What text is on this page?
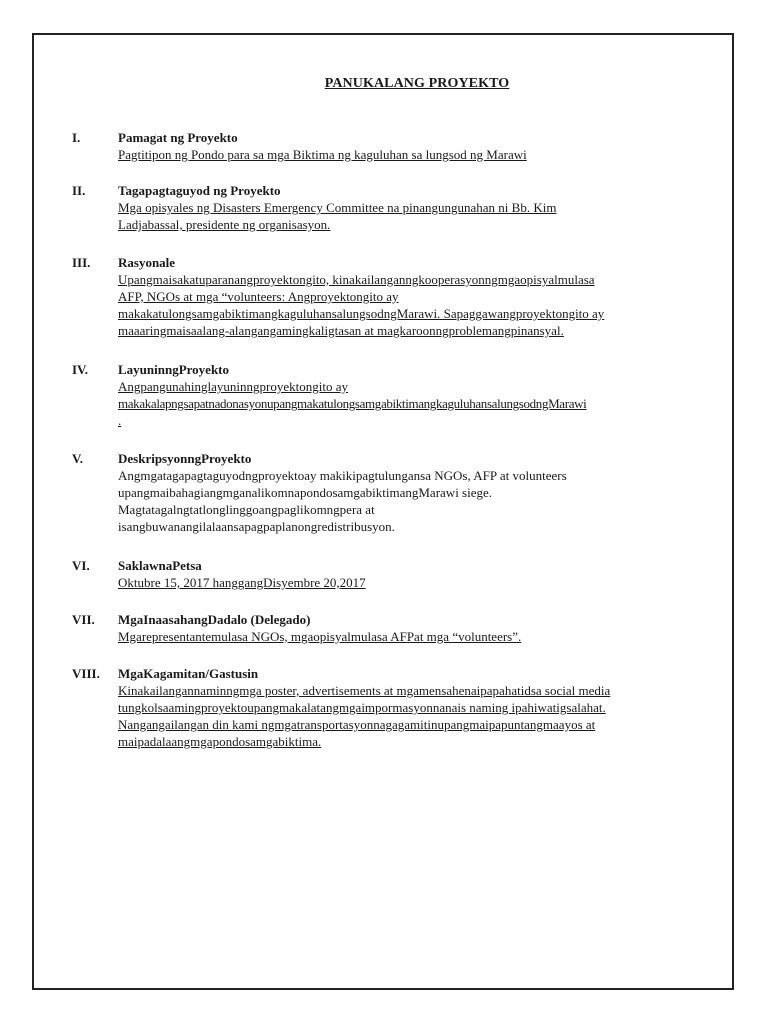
PANUKALANG PROYEKTO
I.	Pamagat ng Proyekto
Pagtitipon ng Pondo para sa mga Biktima ng kaguluhan sa lungsod ng Marawi
II.	Tagapagtaguyod ng Proyekto
Mga opisyales ng Disasters Emergency Committee na pinangungunahan ni Bb. Kim
Ladjabassal, presidente ng organisasyon.
III.	Rasyonale
Upangmaisakatuparanangproyektongito, kinakailanganngkooperasyonngmgaopisyalmulasa
AFP, NGOs at mga “volunteers: Angproyektongito ay
makakatulongsamgabiktimangkaguluhansalungsodngMarawi. Sapaggawangproyektongito ay
maaaringmaisaalang-alangangamingkaligtasan at magkaroonngproblemangpinansyal.
IV.	LayuninngProyekto
Angpangunahinglayuninngproyektongito ay
makakalapngsapatnadonasyonupangmakatulongsamgabiktimangkaguluhansalungsodngMarawi
.
V.	DeskripsyonngProyekto
Angmgatagapagtaguyodngproyektoay makikipagtulungansa NGOs, AFP at volunteers
upangmaibahagiangmganalikomnapondosamgabiktimangMarawi siege.
Magtatagalngtatlonglinggoangpaglikomngpera at
isangbuwanangilalaansapagpaplanongredistribusyon.
VI.	SaklawnaPetsa
Oktubre 15, 2017 hanggangDisyembre 20,2017
VII.	MgaInaasahangDadalo (Delegado)
Mgarepresentantemulasa NGOs, mgaopisyalmulasa AFPat mga “volunteers”.
VIII.	MgaKagamitan/Gastusin
Kinakailangannaminngmga poster, advertisements at mgamensahenaipapahatidsa social media
tungkolsaamingproyektoupangmakalatangmgaimpormasyonnanais naming ipahiwatigsalahat.
Nangangailangan din kami ngmgatransportasyonnagagamitinupangmaipapuntangmaayos at
maipadalaangmgapondosamgabiktima.
